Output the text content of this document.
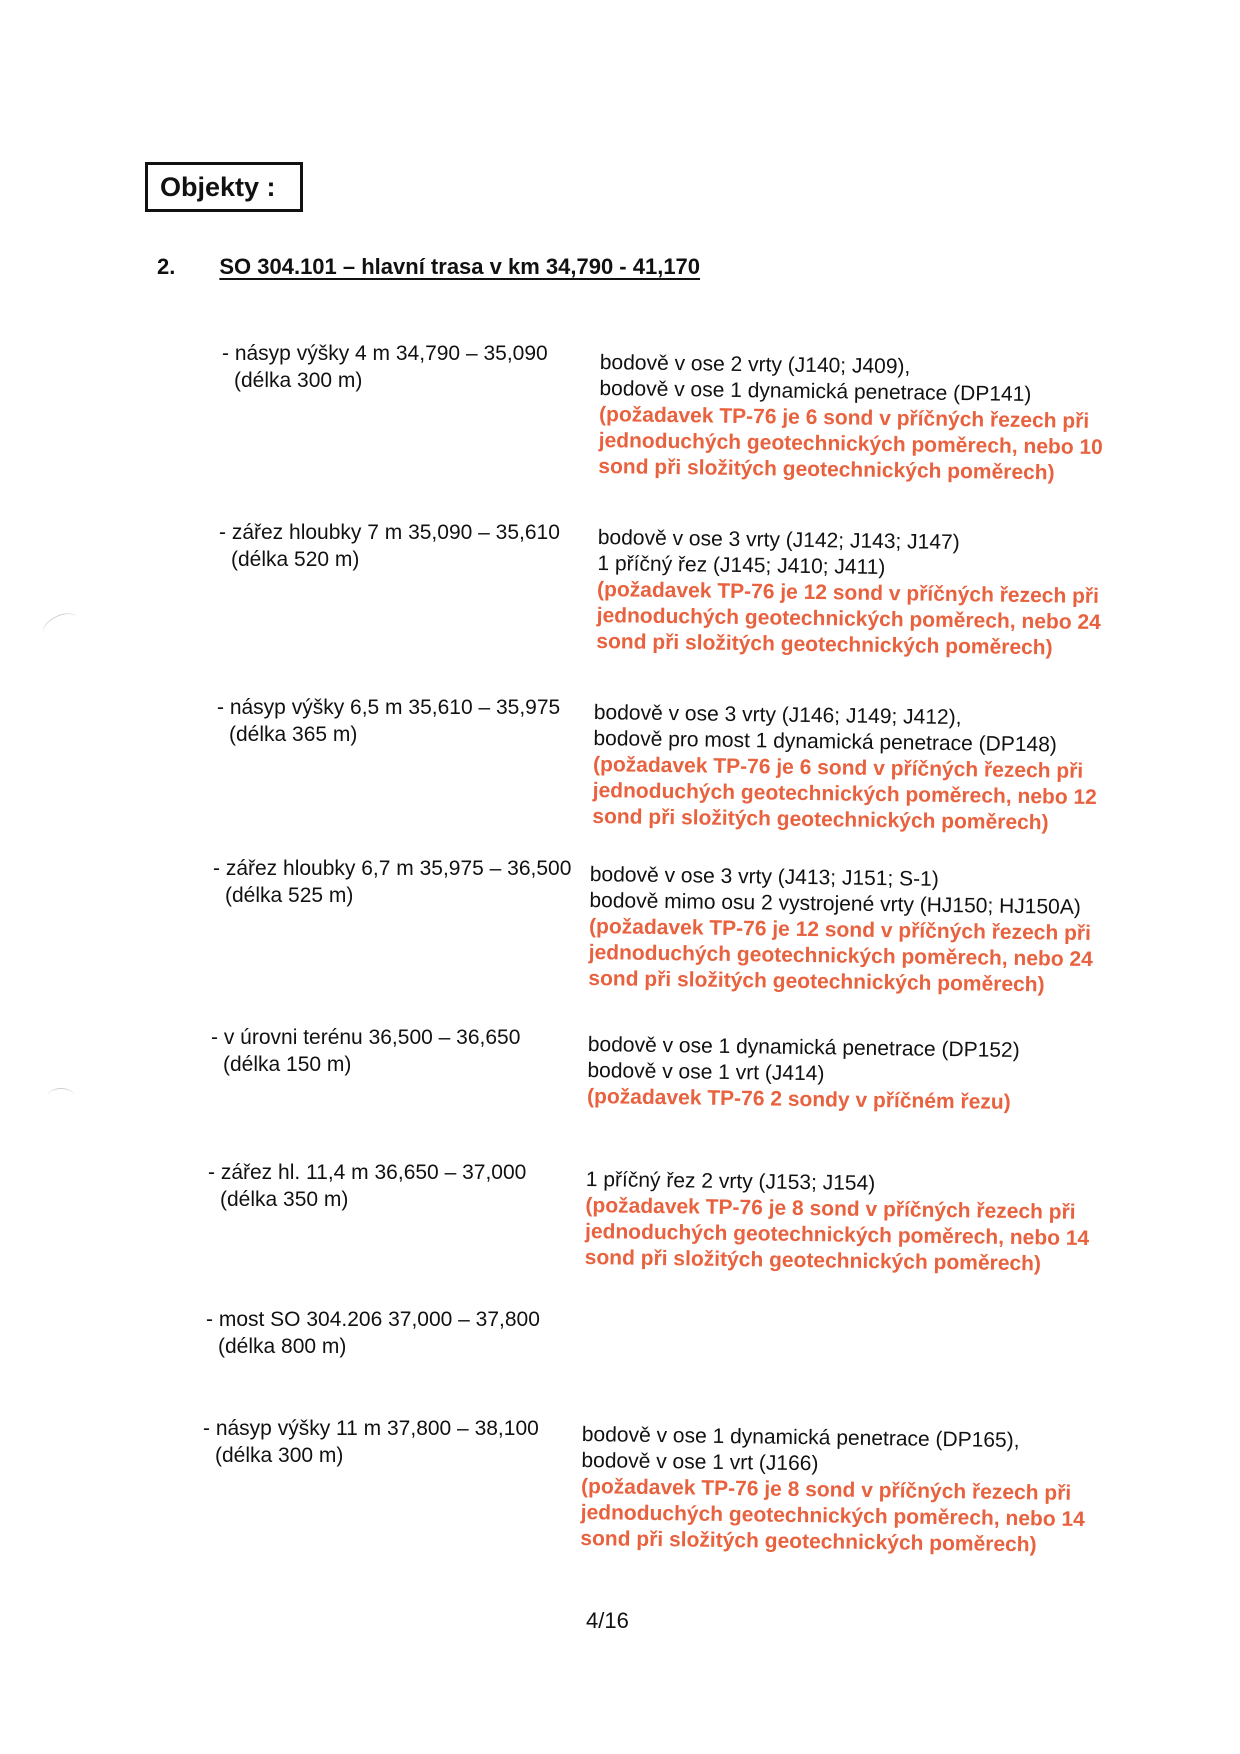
Objekty :
2. SO 304.101 – hlavní trasa v km 34,790 - 41,170
- násyp výšky 4 m 34,790 – 35,090
(délka 300 m)
bodově v ose 2 vrty (J140; J409),
bodově v ose 1 dynamická penetrace (DP141)
(požadavek TP-76 je 6 sond v příčných řezech při
jednoduchých geotechnických poměrech, nebo 10
sond při složitých geotechnických poměrech)
- zářez hloubky 7 m 35,090 – 35,610
(délka 520 m)
bodově v ose 3 vrty (J142; J143; J147)
1 příčný řez (J145; J410; J411)
(požadavek TP-76 je 12 sond v příčných řezech při
jednoduchých geotechnických poměrech, nebo 24
sond při složitých geotechnických poměrech)
- násyp výšky 6,5 m 35,610 – 35,975
(délka 365 m)
bodově v ose 3 vrty (J146; J149; J412),
bodově pro most 1 dynamická penetrace (DP148)
(požadavek TP-76 je 6 sond v příčných řezech při
jednoduchých geotechnických poměrech, nebo 12
sond při složitých geotechnických poměrech)
- zářez hloubky 6,7 m 35,975 – 36,500
(délka 525 m)
bodově v ose 3 vrty (J413; J151; S-1)
bodově mimo osu 2 vystrojené vrty (HJ150; HJ150A)
(požadavek TP-76 je 12 sond v příčných řezech při
jednoduchých geotechnických poměrech, nebo 24
sond při složitých geotechnických poměrech)
- v úrovni terénu 36,500 – 36,650
(délka 150 m)
bodově v ose 1 dynamická penetrace (DP152)
bodově v ose 1 vrt (J414)
(požadavek TP-76 2 sondy v příčném řezu)
- zářez hl. 11,4 m 36,650 – 37,000
(délka 350 m)
1 příčný řez 2 vrty (J153; J154)
(požadavek TP-76 je 8 sond v příčných řezech při
jednoduchých geotechnických poměrech, nebo 14
sond při složitých geotechnických poměrech)
- most SO 304.206 37,000 – 37,800
(délka 800 m)
- násyp výšky 11 m 37,800 – 38,100
(délka 300 m)
bodově v ose 1 dynamická penetrace (DP165),
bodově v ose 1 vrt (J166)
(požadavek TP-76 je 8 sond v příčných řezech při
jednoduchých geotechnických poměrech, nebo 14
sond při složitých geotechnických poměrech)
4/16
